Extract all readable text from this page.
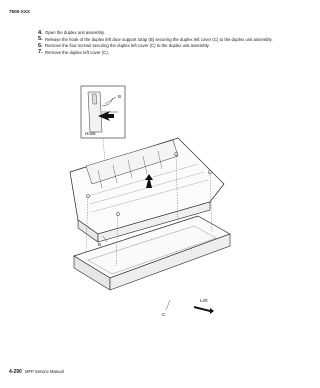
7500-XXX
4. Open the duplex unit assembly.
5. Release the hook of the duplex left door support strap (B) securing the duplex left cover (C) to the duplex unit assembly.
6. Remove the four screws securing the duplex left cover (C) to the duplex unit assembly.
7. Remove the duplex left cover (C).
B
Hook
B
C
Left
4-290 MFP Service Manual
